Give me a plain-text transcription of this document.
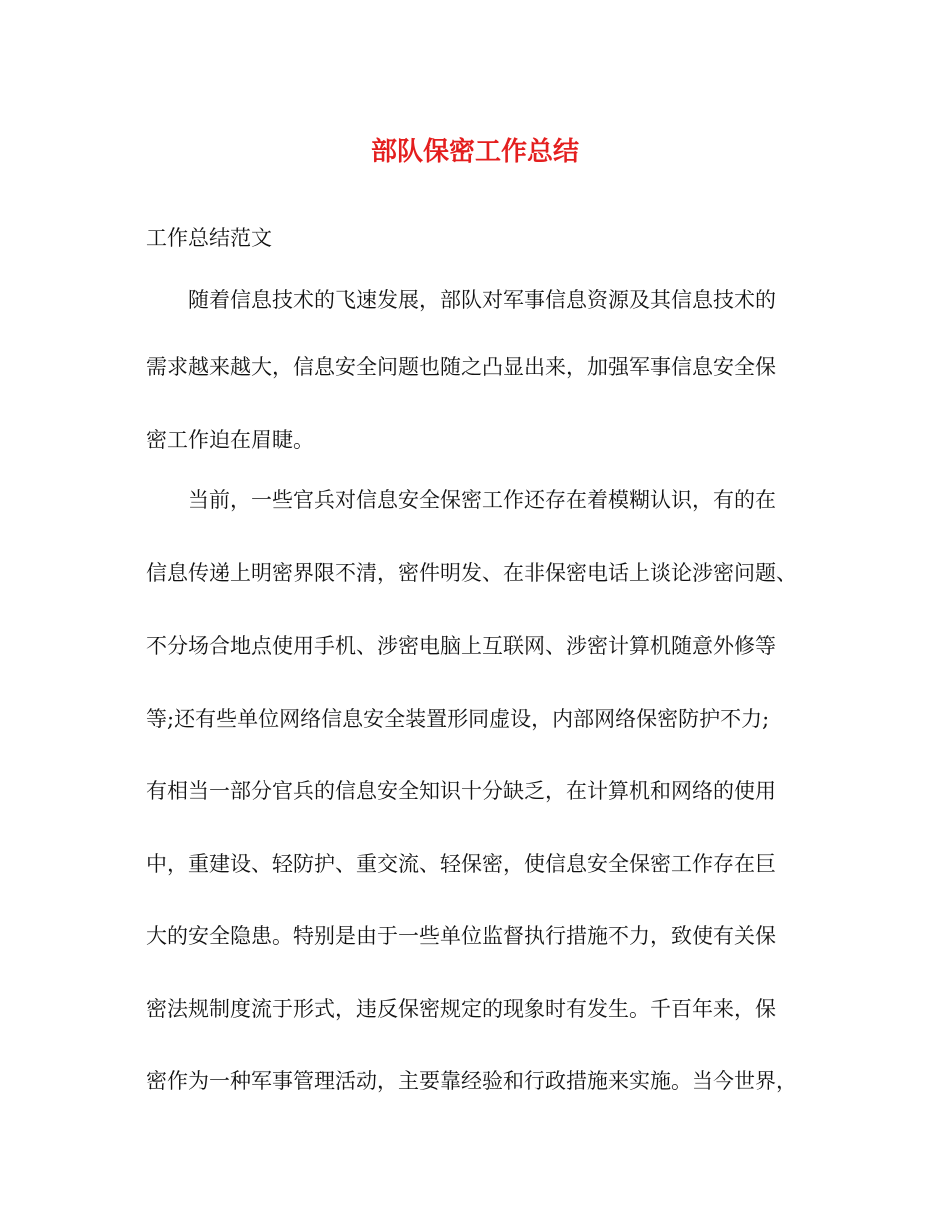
部队保密工作总结

工作总结范文

随着信息技术的飞速发展，部队对军事信息资源及其信息技术的

需求越来越大，信息安全问题也随之凸显出来，加强军事信息安全保

密工作迫在眉睫。

当前，一些官兵对信息安全保密工作还存在着模糊认识，有的在

信息传递上明密界限不清，密件明发、在非保密电话上谈论涉密问题、

不分场合地点使用手机、涉密电脑上互联网、涉密计算机随意外修等

等;还有些单位网络信息安全装置形同虚设，内部网络保密防护不力;

有相当一部分官兵的信息安全知识十分缺乏，在计算机和网络的使用

中，重建设、轻防护、重交流、轻保密，使信息安全保密工作存在巨

大的安全隐患。特别是由于一些单位监督执行措施不力，致使有关保

密法规制度流于形式，违反保密规定的现象时有发生。千百年来，保

密作为一种军事管理活动，主要靠经验和行政措施来实施。当今世界，
